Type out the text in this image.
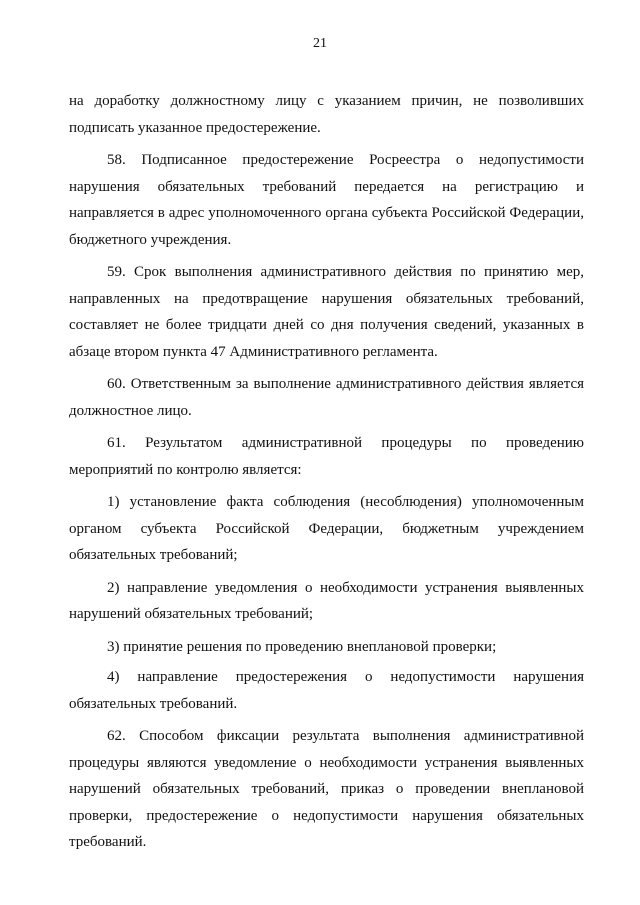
21

на доработку должностному лицу с указанием причин, не позволивших подписать указанное предостережение.

58. Подписанное предостережение Росреестра о недопустимости нарушения обязательных требований передается на регистрацию и направляется в адрес уполномоченного органа субъекта Российской Федерации, бюджетного учреждения.

59. Срок выполнения административного действия по принятию мер, направленных на предотвращение нарушения обязательных требований, составляет не более тридцати дней со дня получения сведений, указанных в абзаце втором пункта 47 Административного регламента.

60. Ответственным за выполнение административного действия является должностное лицо.

61. Результатом административной процедуры по проведению мероприятий по контролю является:

1) установление факта соблюдения (несоблюдения) уполномоченным органом субъекта Российской Федерации, бюджетным учреждением обязательных требований;

2) направление уведомления о необходимости устранения выявленных нарушений обязательных требований;

3) принятие решения по проведению внеплановой проверки;

4) направление предостережения о недопустимости нарушения обязательных требований.

62. Способом фиксации результата выполнения административной процедуры являются уведомление о необходимости устранения выявленных нарушений обязательных требований, приказ о проведении внеплановой проверки, предостережение о недопустимости нарушения обязательных требований.
